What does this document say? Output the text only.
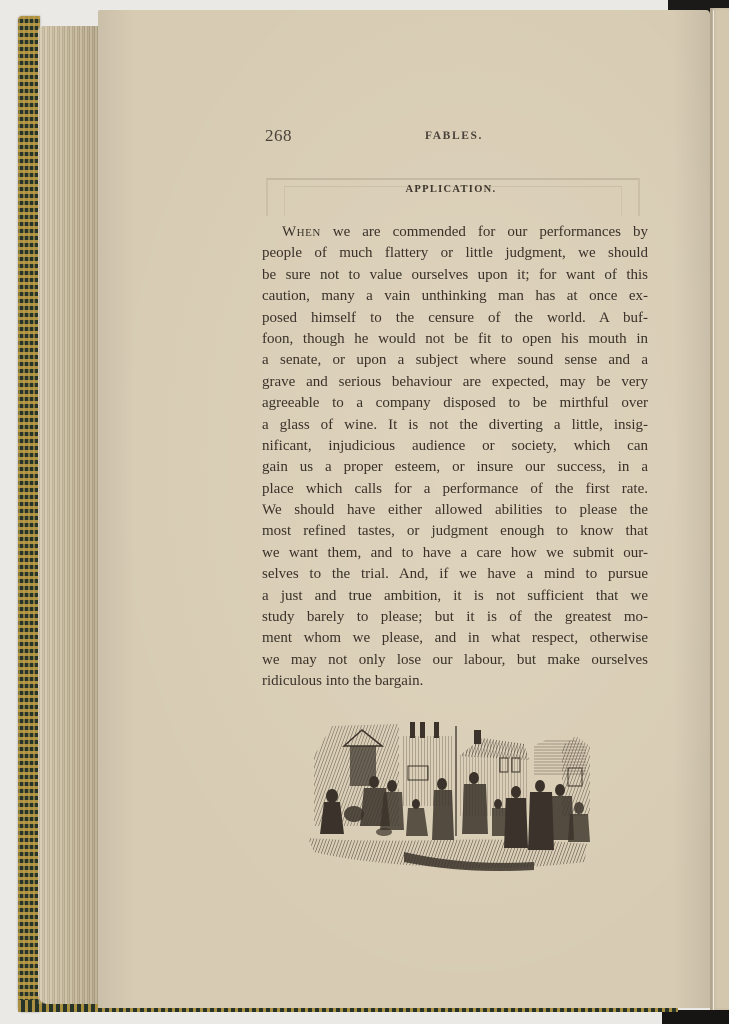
268	FABLES.
APPLICATION.
When we are commended for our performances by
people of much flattery or little judgment, we should
be sure not to value ourselves upon it; for want of this
caution, many a vain unthinking man has at once ex-
posed himself to the censure of the world. A buf-
foon, though he would not be fit to open his mouth in
a senate, or upon a subject where sound sense and a
grave and serious behaviour are expected, may be very
agreeable to a company disposed to be mirthful over
a glass of wine. It is not the diverting a little, insig-
nificant, injudicious audience or society, which can
gain us a proper esteem, or insure our success, in a
place which calls for a performance of the first rate.
We should have either allowed abilities to please the
most refined tastes, or judgment enough to know that
we want them, and to have a care how we submit our-
selves to the trial. And, if we have a mind to pursue
a just and true ambition, it is not sufficient that we
study barely to please; but it is of the greatest mo-
ment whom we please, and in what respect, otherwise
we may not only lose our labour, but make ourselves
ridiculous into the bargain.
